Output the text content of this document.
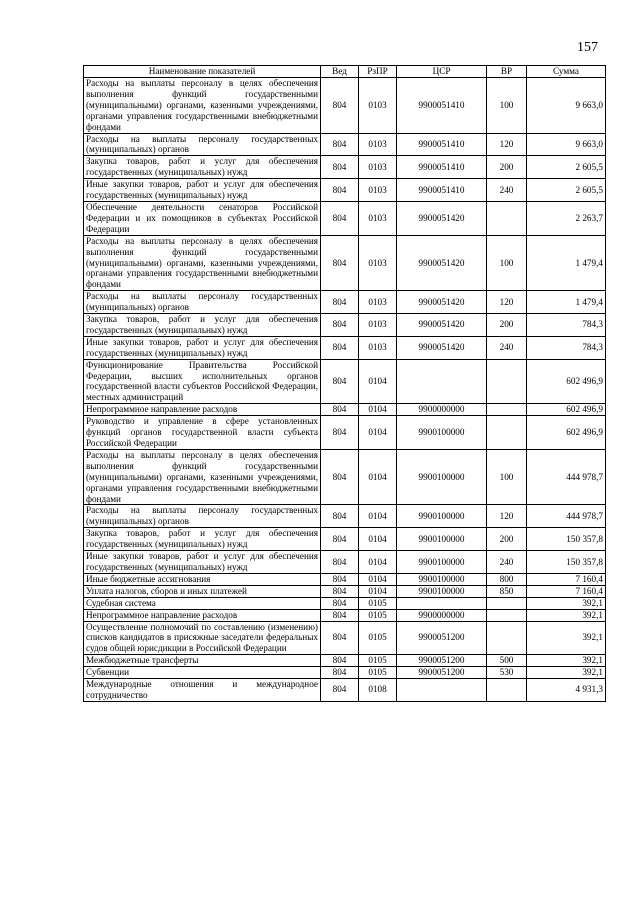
157
Наименование показателей	Вед	РзПР	ЦСР	ВР	Сумма
Расходы на выплаты персоналу в целях обеспечения выполнения функций государственными (муниципальными) органами, казенными учреждениями, органами управления государственными внебюджетными фондами	804	0103	9900051410	100	9 663,0
Расходы на выплаты персоналу государственных (муниципальных) органов	804	0103	9900051410	120	9 663,0
Закупка товаров, работ и услуг для обеспечения государственных (муниципальных) нужд	804	0103	9900051410	200	2 605,5
Иные закупки товаров, работ и услуг для обеспечения государственных (муниципальных) нужд	804	0103	9900051410	240	2 605,5
Обеспечение деятельности сенаторов Российской Федерации и их помощников в субъектах Российской Федерации	804	0103	9900051420		2 263,7
Расходы на выплаты персоналу в целях обеспечения выполнения функций государственными (муниципальными) органами, казенными учреждениями, органами управления государственными внебюджетными фондами	804	0103	9900051420	100	1 479,4
Расходы на выплаты персоналу государственных (муниципальных) органов	804	0103	9900051420	120	1 479,4
Закупка товаров, работ и услуг для обеспечения государственных (муниципальных) нужд	804	0103	9900051420	200	784,3
Иные закупки товаров, работ и услуг для обеспечения государственных (муниципальных) нужд	804	0103	9900051420	240	784,3
Функционирование Правительства Российской Федерации, высших исполнительных органов государственной власти субъектов Российской Федерации, местных администраций	804	0104			602 496,9
Непрограммное направление расходов	804	0104	9900000000		602 496,9
Руководство и управление в сфере установленных функций органов государственной власти субъекта Российской Федерации	804	0104	9900100000		602 496,9
Расходы на выплаты персоналу в целях обеспечения выполнения функций государственными (муниципальными) органами, казенными учреждениями, органами управления государственными внебюджетными фондами	804	0104	9900100000	100	444 978,7
Расходы на выплаты персоналу государственных (муниципальных) органов	804	0104	9900100000	120	444 978,7
Закупка товаров, работ и услуг для обеспечения государственных (муниципальных) нужд	804	0104	9900100000	200	150 357,8
Иные закупки товаров, работ и услуг для обеспечения государственных (муниципальных) нужд	804	0104	9900100000	240	150 357,8
Иные бюджетные ассигнования	804	0104	9900100000	800	7 160,4
Уплата налогов, сборов и иных платежей	804	0104	9900100000	850	7 160,4
Судебная система	804	0105			392,1
Непрограммное направление расходов	804	0105	9900000000		392,1
Осуществление полномочий по составлению (изменению) списков кандидатов в присяжные заседатели федеральных судов общей юрисдикции в Российской Федерации	804	0105	9900051200		392,1
Межбюджетные трансферты	804	0105	9900051200	500	392,1
Субвенции	804	0105	9900051200	530	392,1
Международные отношения и международное сотрудничество	804	0108			4 931,3
